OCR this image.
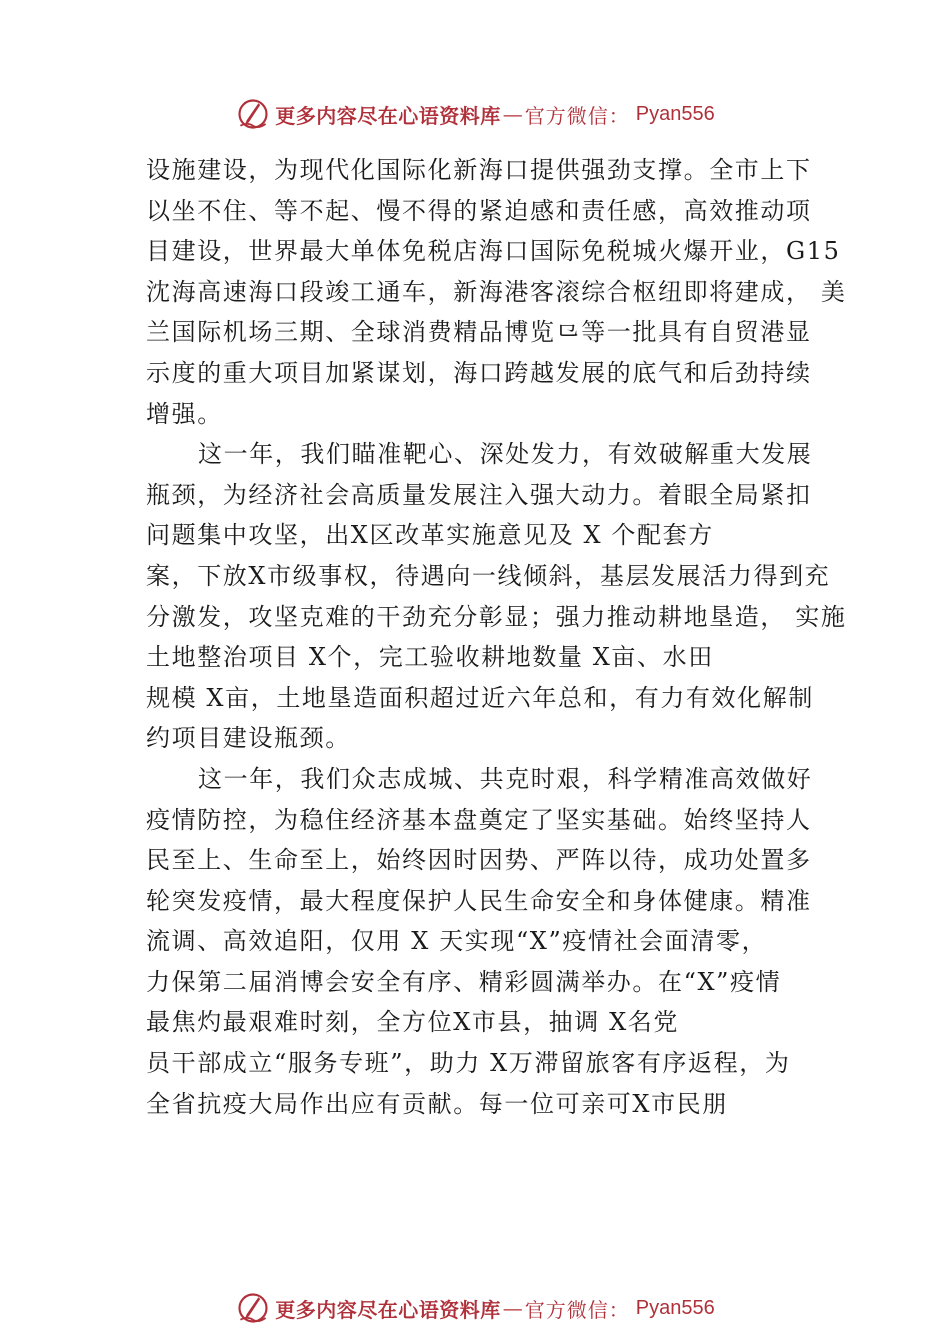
更多内容尽在心语资料库 — 官方微信： Pyan556
设施建设，为现代化国际化新海口提供强劲支撑。全市上下
以坐不住、等不起、慢不得的紧迫感和责任感，高效推动项
目建设，世界最大单体免税店海口国际免税城火爆开业，G15
沈海高速海口段竣工通车，新海港客滚综合枢纽即将建成， 美
兰国际机场三期、全球消费精品博览⺋等一批具有自贸港显
示度的重大项目加紧谋划，海口跨越发展的底气和后劲持续
增强。
这一年，我们瞄准靶心、深处发力，有效破解重大发展
瓶颈，为经济社会高质量发展注入强大动力。着眼全局紧扣
问题集中攻坚，出X区改革实施意见及 X 个配套方
案，下放X市级事权，待遇向一线倾斜，基层发展活力得到充
分激发，攻坚克难的干劲充分彰显；强力推动耕地垦造， 实施
土地整治项目 X个，完工验收耕地数量 X亩、水田
规模 X亩，土地垦造面积超过近六年总和，有力有效化解制
约项目建设瓶颈。
这一年，我们众志成城、共克时艰，科学精准高效做好
疫情防控，为稳住经济基本盘奠定了坚实基础。始终坚持人
民至上、生命至上，始终因时因势、严阵以待，成功处置多
轮突发疫情，最大程度保护人民生命安全和身体健康。精准
流调、高效追阳，仅用 X 天实现“X”疫情社会面清零，
力保第二届消博会安全有序、精彩圆满举办。在“X”疫情
最焦灼最艰难时刻，全方位X市县，抽调 X名党
员干部成立“服务专班”，助力 X万滞留旅客有序返程，为
全省抗疫大局作出应有贡献。每一位可亲可X市民朋
更多内容尽在心语资料库 — 官方微信： Pyan556
